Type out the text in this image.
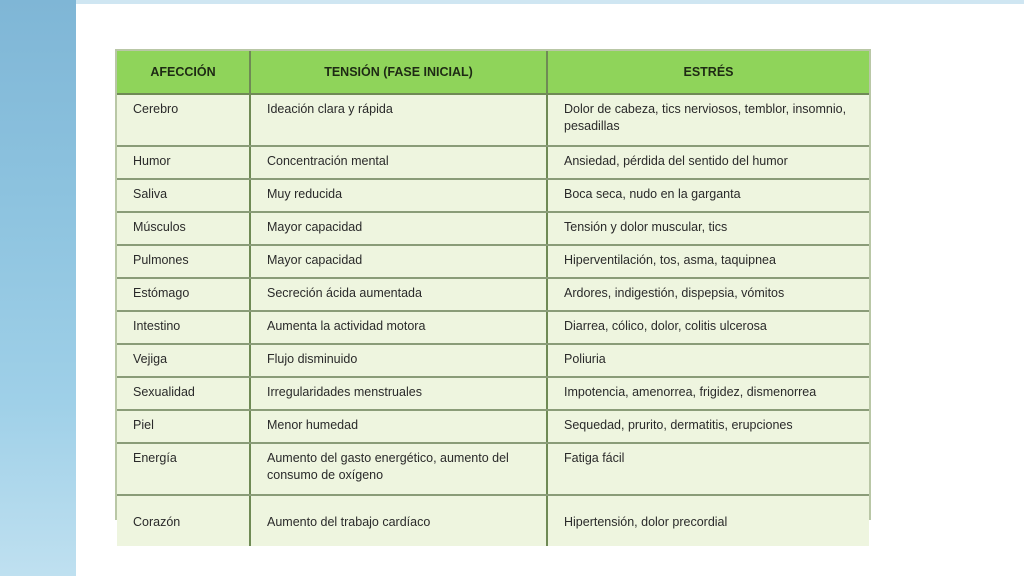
AFECCIÓN	TENSIÓN (FASE INICIAL)	ESTRÉS
Cerebro	Ideación clara y rápida	Dolor de cabeza, tics nerviosos, temblor, insomnio, pesadillas
Humor	Concentración mental	Ansiedad, pérdida del sentido del humor
Saliva	Muy reducida	Boca seca, nudo en la garganta
Músculos	Mayor capacidad	Tensión y dolor muscular, tics
Pulmones	Mayor capacidad	Hiperventilación, tos, asma, taquipnea
Estómago	Secreción ácida aumentada	Ardores, indigestión, dispepsia, vómitos
Intestino	Aumenta la actividad motora	Diarrea, cólico, dolor, colitis ulcerosa
Vejiga	Flujo disminuido	Poliuria
Sexualidad	Irregularidades menstruales	Impotencia, amenorrea, frigidez, dismenorrea
Piel	Menor humedad	Sequedad, prurito, dermatitis, erupciones
Energía	Aumento del gasto energético, aumento del consumo de oxígeno	Fatiga fácil
Corazón	Aumento del trabajo cardíaco	Hipertensión, dolor precordial
